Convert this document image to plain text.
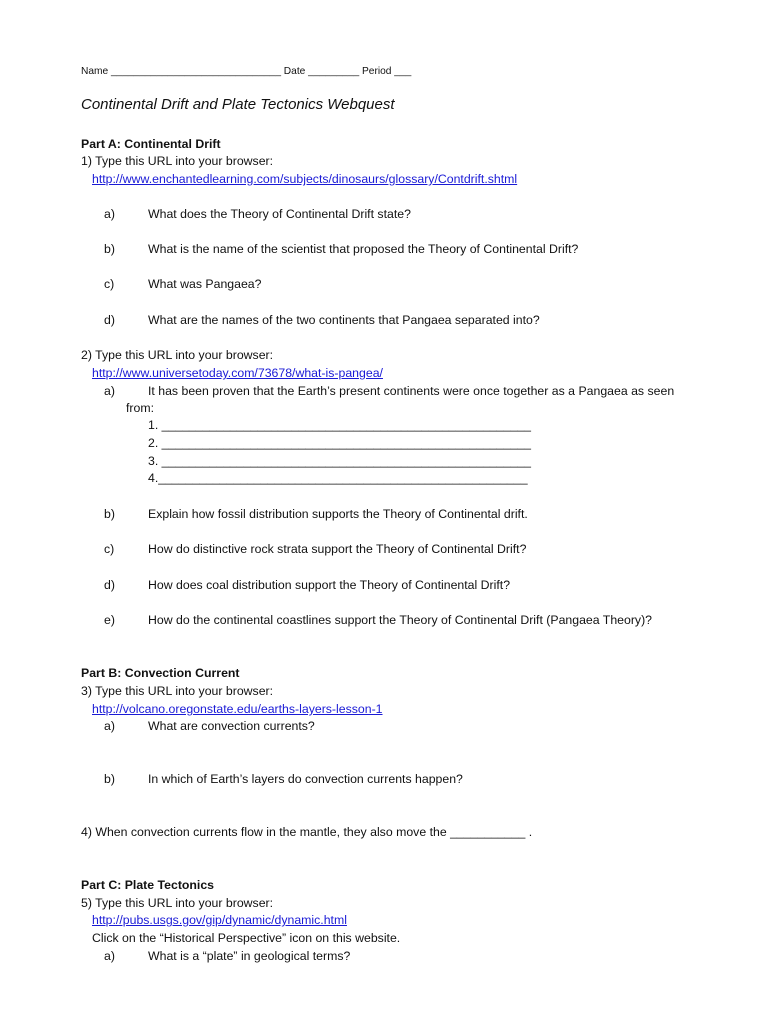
Name ______________________________ Date _________ Period ___
Continental Drift and Plate Tectonics Webquest
Part A: Continental Drift
1) Type this URL into your browser:
http://www.enchantedlearning.com/subjects/dinosaurs/glossary/Contdrift.shtml
a)	What does the Theory of Continental Drift state?
b)	What is the name of the scientist that proposed the Theory of Continental Drift?
c)	What was Pangaea?
d)	What are the names of the two continents that Pangaea separated into?
2) Type this URL into your browser:
http://www.universetoday.com/73678/what-is-pangea/
a)	It has been proven that the Earth’s present continents were once together as a Pangaea as seen
from:
1. ______________________________________________________
2. ______________________________________________________
3. ______________________________________________________
4.______________________________________________________
b)	Explain how fossil distribution supports the Theory of Continental drift.
c)	How do distinctive rock strata support the Theory of Continental Drift?
d)	How does coal distribution support the Theory of Continental Drift?
e)	How do the continental coastlines support the Theory of Continental Drift (Pangaea Theory)?
Part B: Convection Current
3) Type this URL into your browser:
http://volcano.oregonstate.edu/earths-layers-lesson-1
a)	What are convection currents?
b)	In which of Earth’s layers do convection currents happen?
4) When convection currents flow in the mantle, they also move the ___________ .
Part C: Plate Tectonics
5) Type this URL into your browser:
http://pubs.usgs.gov/gip/dynamic/dynamic.html
Click on the “Historical Perspective” icon on this website.
a)	What is a “plate” in geological terms?
